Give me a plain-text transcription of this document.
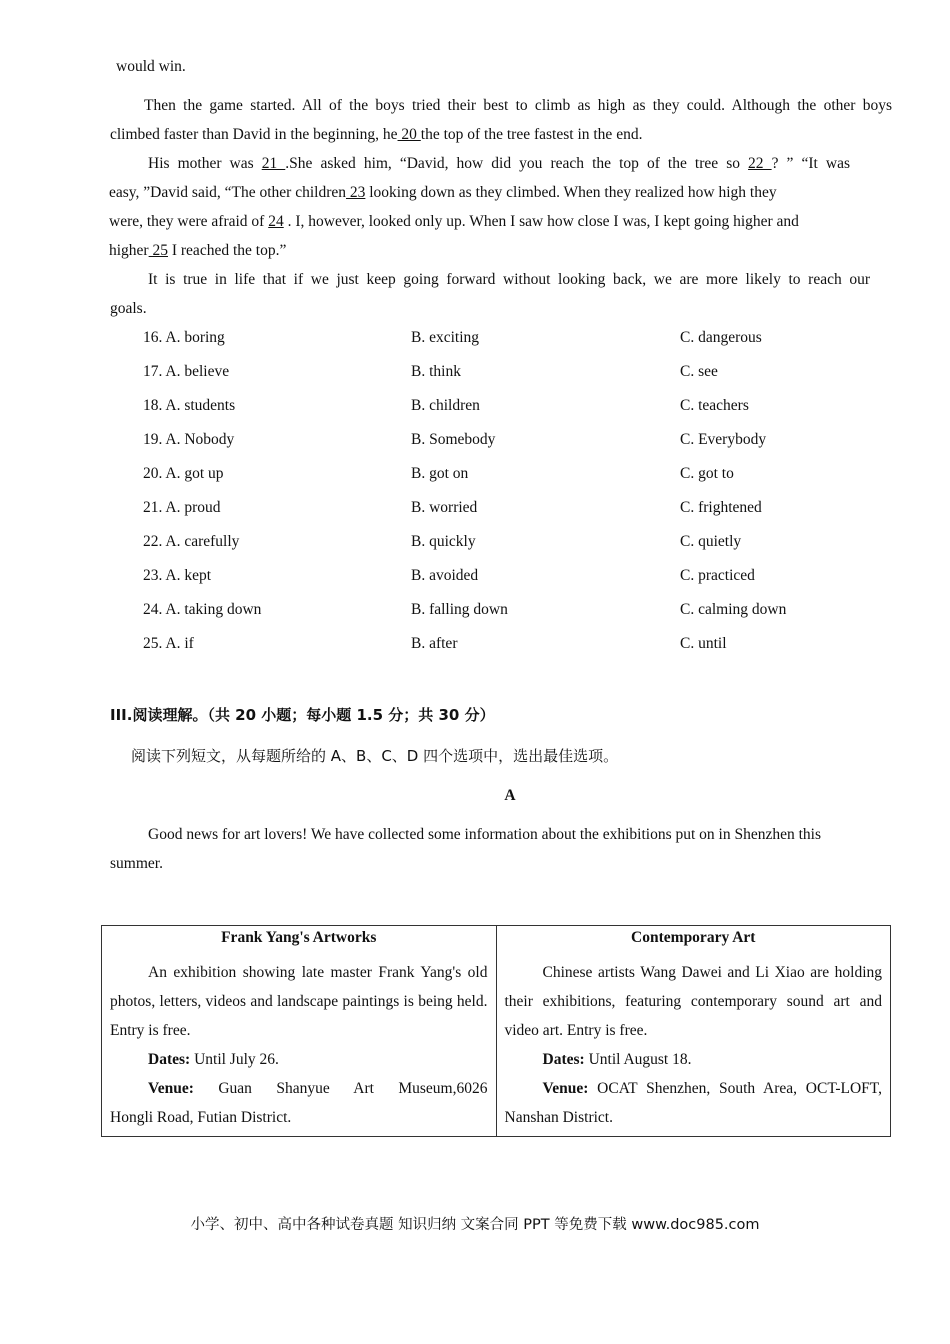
would win.
Then the game started. All of the boys tried their best to climb as high as they could. Although the other boys
climbed faster than David in the beginning, he 20 the top of the tree fastest in the end.
His mother was 21 .She asked him, “David, how did you reach the top of the tree so 22 ? ” “It was
easy, ”David said, “The other children 23 looking down as they climbed. When they realized how high they
were, they were afraid of 24 . I, however, looked only up. When I saw how close I was, I kept going higher and
higher 25 I reached the top.”
It is true in life that if we just keep going forward without looking back, we are more likely to reach our
goals.
16. A. boring	B. exciting	C. dangerous
17. A. believe	B. think	C. see
18. A. students	B. children	C. teachers
19. A. Nobody	B. Somebody	C. Everybody
20. A. got up	B. got on	C. got to
21. A. proud	B. worried	C. frightened
22. A. carefully	B. quickly	C. quietly
23. A. kept	B. avoided	C. practiced
24. A. taking down	B. falling down	C. calming down
25. A. if	B. after	C. until
III.阅读理解。（共 20 小题；每小题 1.5 分；共 30 分）
阅读下列短文，从每题所给的 A、B、C、D 四个选项中，选出最佳选项。
A
Good news for art lovers! We have collected some information about the exhibitions put on in Shenzhen this
summer.
Frank Yang's Artworks

An exhibition showing late master Frank Yang's old photos, letters, videos and landscape paintings is being held. Entry is free.

Dates: Until July 26.

Venue: Guan Shanyue Art Museum,6026

Hongli Road, Futian District.

Contemporary Art

Chinese artists Wang Dawei and Li Xiao are holding their exhibitions, featuring contemporary sound art and video art. Entry is free.

Dates: Until August 18.

Venue: OCAT Shenzhen, South Area, OCT-LOFT,

Nanshan District.

小学、初中、高中各种试卷真题 知识归纳 文案合同 PPT 等免费下载 www.doc985.com
